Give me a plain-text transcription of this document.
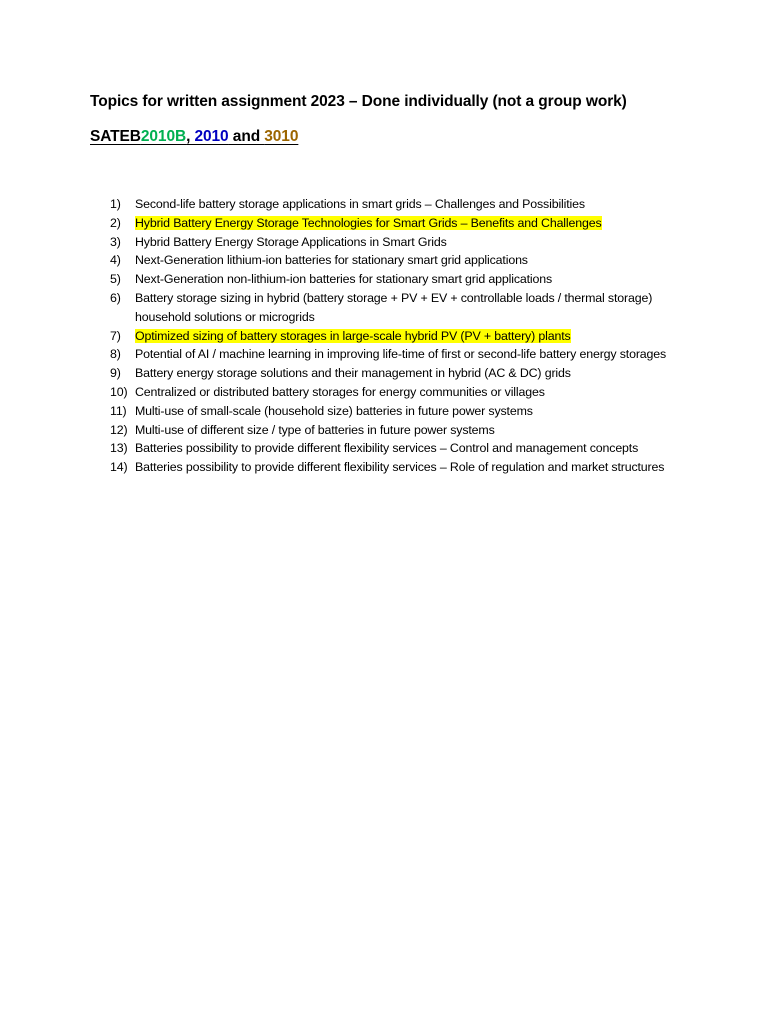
Topics for written assignment 2023 – Done individually (not a group work)
SATEB2010B, 2010 and 3010
1)	Second-life battery storage applications in smart grids – Challenges and Possibilities
2)	Hybrid Battery Energy Storage Technologies for Smart Grids – Benefits and Challenges
3)	Hybrid Battery Energy Storage Applications in Smart Grids
4)	Next-Generation lithium-ion batteries for stationary smart grid applications
5)	Next-Generation non-lithium-ion batteries for stationary smart grid applications
6)	Battery storage sizing in hybrid (battery storage + PV + EV + controllable loads / thermal storage) household solutions or microgrids
7)	Optimized sizing of battery storages in large-scale hybrid PV (PV + battery) plants
8)	Potential of AI / machine learning in improving life-time of first or second-life battery energy storages
9)	Battery energy storage solutions and their management in hybrid (AC & DC) grids
10) Centralized or distributed battery storages for energy communities or villages
11) Multi-use of small-scale (household size) batteries in future power systems
12) Multi-use of different size / type of batteries in future power systems
13) Batteries possibility to provide different flexibility services – Control and management concepts
14) Batteries possibility to provide different flexibility services – Role of regulation and market structures
